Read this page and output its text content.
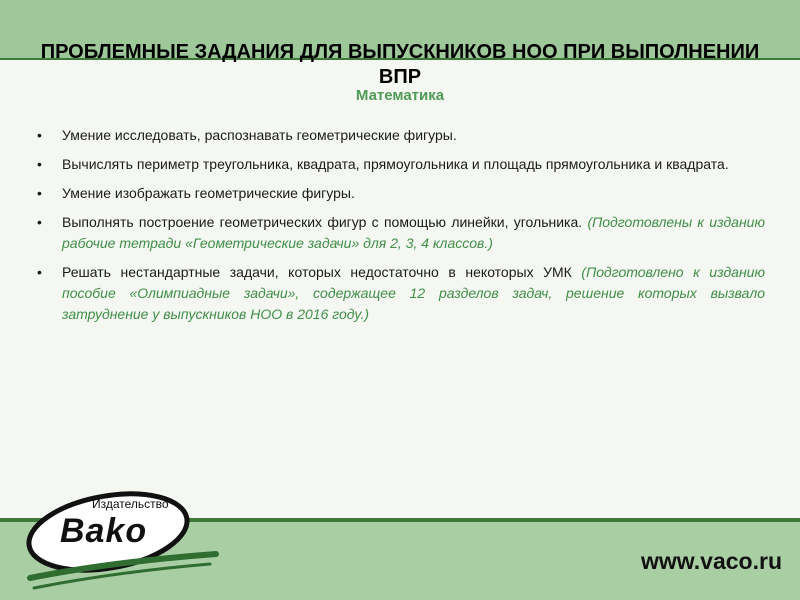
ПРОБЛЕМНЫЕ ЗАДАНИЯ ДЛЯ ВЫПУСКНИКОВ НОО ПРИ ВЫПОЛНЕНИИ ВПР
Математика
• Умение исследовать, распознавать геометрические фигуры.
• Вычислять периметр треугольника, квадрата, прямоугольника и площадь прямоугольника и квадрата.
• Умение изображать геометрические фигуры.
• Выполнять построение геометрических фигур с помощью линейки, угольника. (Подготовлены к изданию рабочие тетради «Геометрические задачи» для 2, 3, 4 классов.)
• Решать нестандартные задачи, которых недостаточно в некоторых УМК (Подготовлено к изданию пособие «Олимпиадные задачи», содержащее 12 разделов задач, решение которых вызвало затруднение у выпускников НОО в 2016 году.)
Издательство
Bako
www.vaco.ru
